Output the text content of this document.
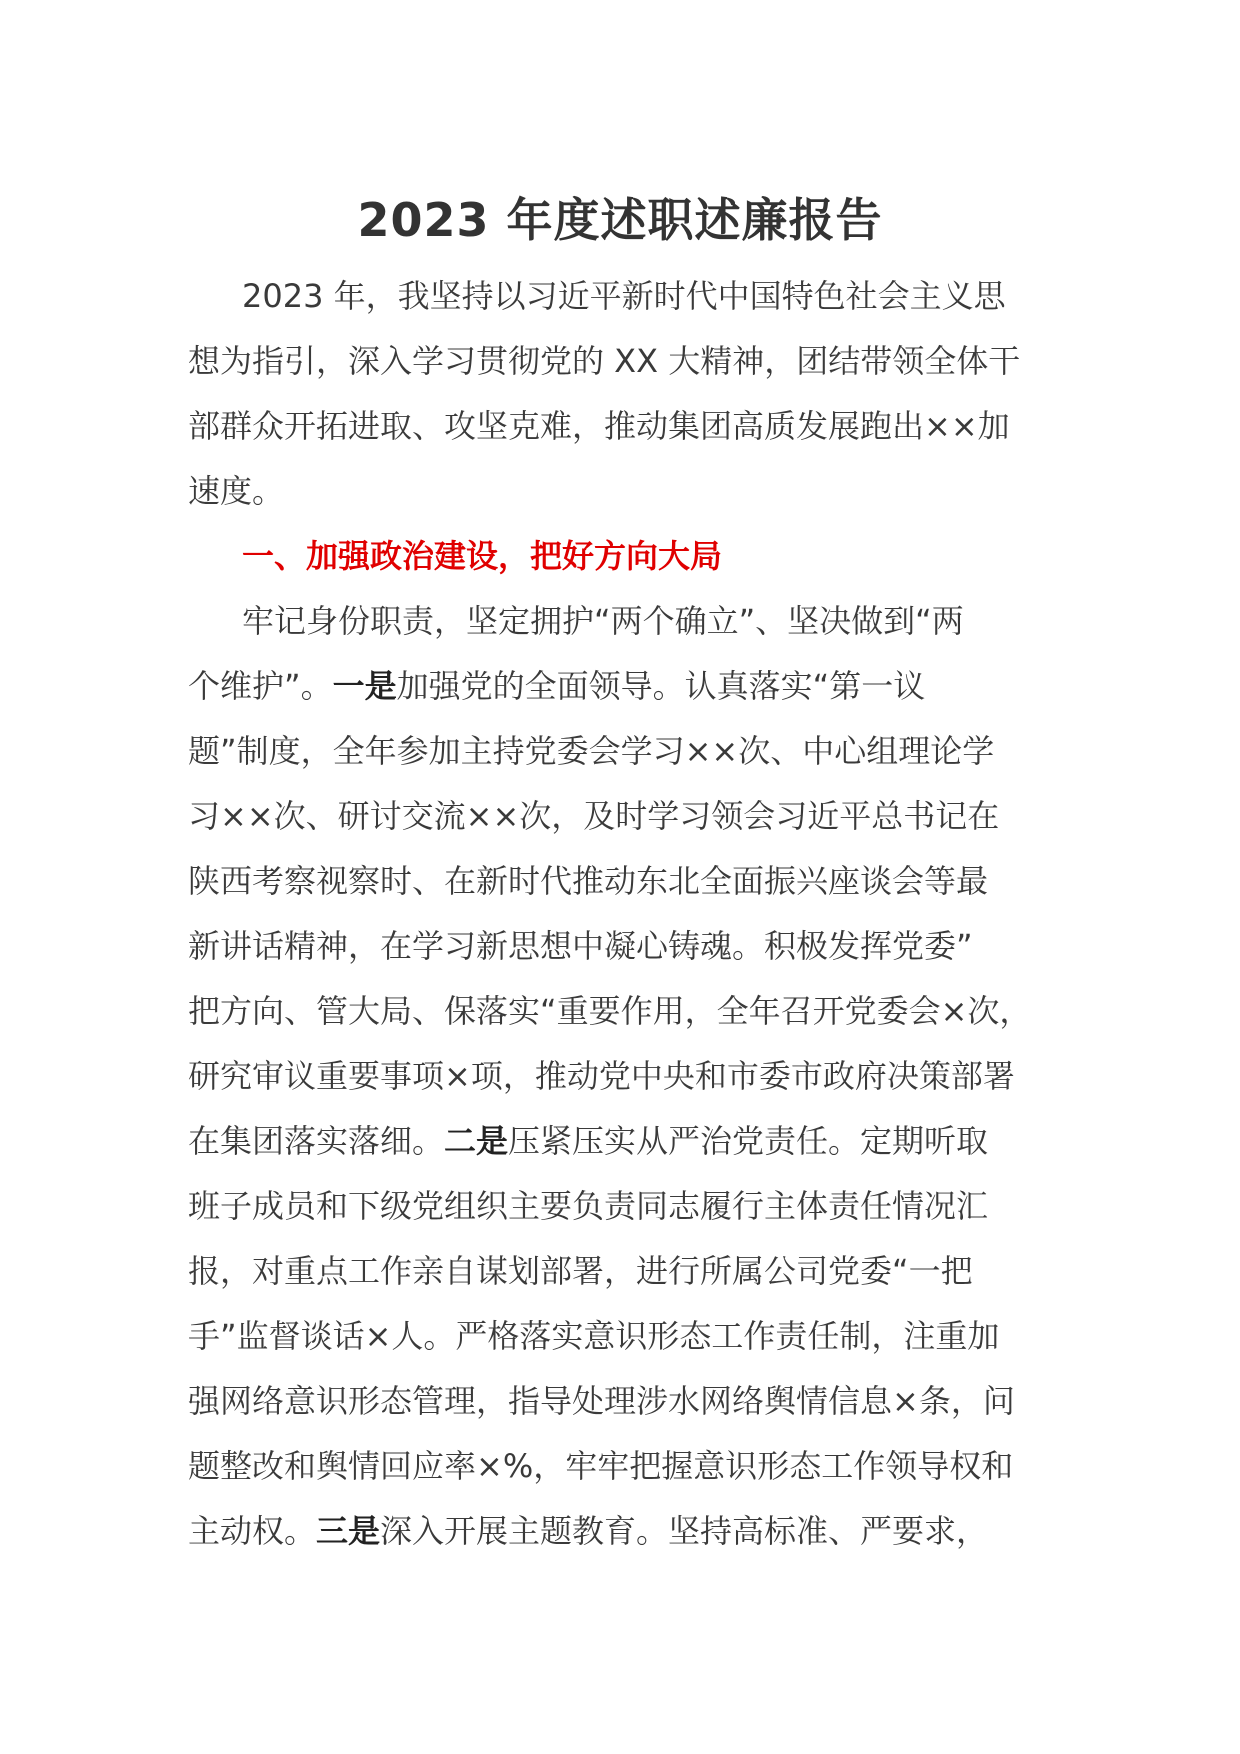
2023 年度述职述廉报告
2023 年，我坚持以习近平新时代中国特色社会主义思
想为指引，深入学习贯彻党的 XX 大精神，团结带领全体干
部群众开拓进取、攻坚克难，推动集团高质发展跑出××加
速度。
一、加强政治建设，把好方向大局
牢记身份职责，坚定拥护“两个确立”、坚决做到“两
个维护”。一是加强党的全面领导。认真落实“第一议
题”制度，全年参加主持党委会学习××次、中心组理论学
习××次、研讨交流××次，及时学习领会习近平总书记在
陕西考察视察时、在新时代推动东北全面振兴座谈会等最
新讲话精神，在学习新思想中凝心铸魂。积极发挥党委”
把方向、管大局、保落实“重要作用，全年召开党委会×次，
研究审议重要事项×项，推动党中央和市委市政府决策部署
在集团落实落细。二是压紧压实从严治党责任。定期听取
班子成员和下级党组织主要负责同志履行主体责任情况汇
报，对重点工作亲自谋划部署，进行所属公司党委“一把
手”监督谈话×人。严格落实意识形态工作责任制，注重加
强网络意识形态管理，指导处理涉水网络舆情信息×条，问
题整改和舆情回应率×%，牢牢把握意识形态工作领导权和
主动权。三是深入开展主题教育。坚持高标准、严要求，
